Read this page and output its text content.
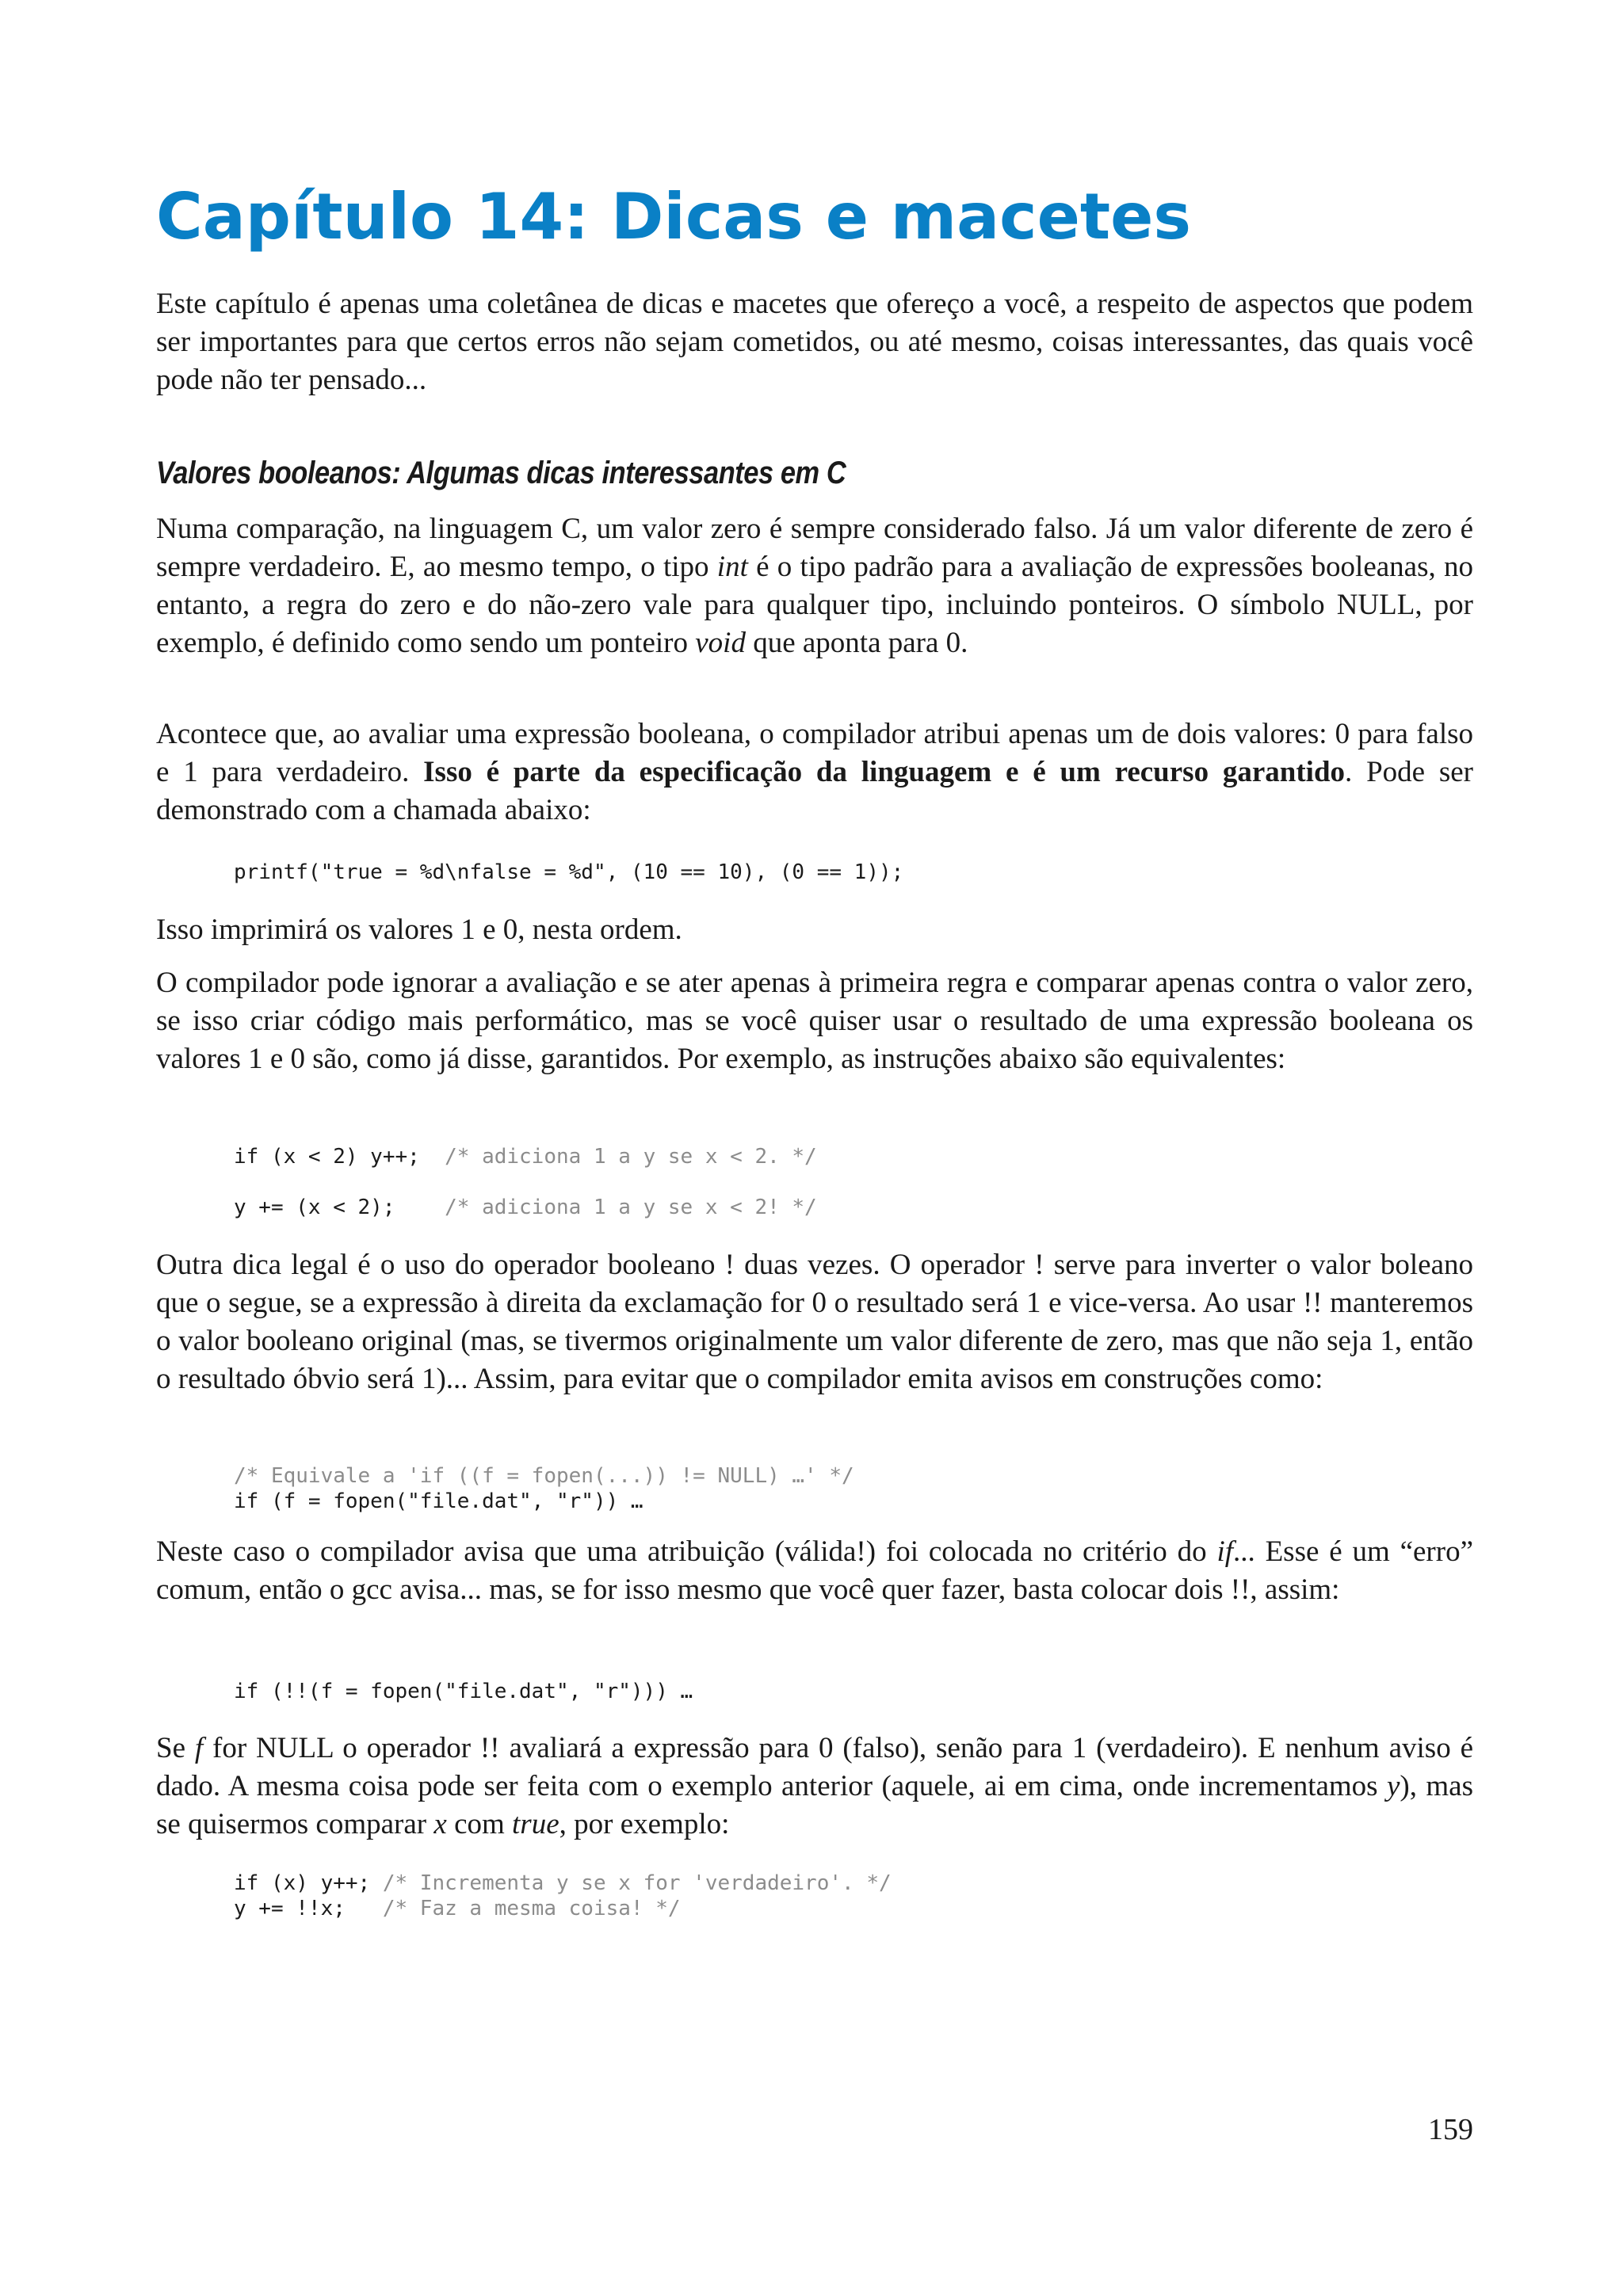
Capítulo 14: Dicas e macetes

Este capítulo é apenas uma coletânea de dicas e macetes que ofereço a você, a respeito de aspectos que podem ser importantes para que certos erros não sejam cometidos, ou até mesmo, coisas interessantes, das quais você pode não ter pensado...

Valores booleanos: Algumas dicas interessantes em C

Numa comparação, na linguagem C, um valor zero é sempre considerado falso. Já um valor diferente de zero é sempre verdadeiro. E, ao mesmo tempo, o tipo int é o tipo padrão para a avaliação de expressões booleanas, no entanto, a regra do zero e do não-zero vale para qualquer tipo, incluindo ponteiros. O símbolo NULL, por exemplo, é definido como sendo um ponteiro void que aponta para 0.

Acontece que, ao avaliar uma expressão booleana, o compilador atribui apenas um de dois valores: 0 para falso e 1 para verdadeiro. Isso é parte da especificação da linguagem e é um recurso garantido. Pode ser demonstrado com a chamada abaixo:

printf("true = %d\nfalse = %d", (10 == 10), (0 == 1));

Isso imprimirá os valores 1 e 0, nesta ordem.

O compilador pode ignorar a avaliação e se ater apenas à primeira regra e comparar apenas contra o valor zero, se isso criar código mais performático, mas se você quiser usar o resultado de uma expressão booleana os valores 1 e 0 são, como já disse, garantidos. Por exemplo, as instruções abaixo são equivalentes:

if (x < 2) y++;  /* adiciona 1 a y se x < 2. */
y += (x < 2);    /* adiciona 1 a y se x < 2! */

Outra dica legal é o uso do operador booleano ! duas vezes. O operador ! serve para inverter o valor boleano que o segue, se a expressão à direita da exclamação for 0 o resultado será 1 e vice-versa. Ao usar !! manteremos o valor booleano original (mas, se tivermos originalmente um valor diferente de zero, mas que não seja 1, então o resultado óbvio será 1)... Assim, para evitar que o compilador emita avisos em construções como:

/* Equivale a 'if ((f = fopen(...)) != NULL) …' */
if (f = fopen("file.dat", "r")) …

Neste caso o compilador avisa que uma atribuição (válida!) foi colocada no critério do if... Esse é um “erro” comum, então o gcc avisa... mas, se for isso mesmo que você quer fazer, basta colocar dois !!, assim:

if (!!(f = fopen("file.dat", "r"))) …

Se f for NULL o operador !! avaliará a expressão para 0 (falso), senão para 1 (verdadeiro). E nenhum aviso é dado. A mesma coisa pode ser feita com o exemplo anterior (aquele, ai em cima, onde incrementamos y), mas se quisermos comparar x com true, por exemplo:

if (x) y++; /* Incrementa y se x for 'verdadeiro'. */
y += !!x;   /* Faz a mesma coisa! */

159
